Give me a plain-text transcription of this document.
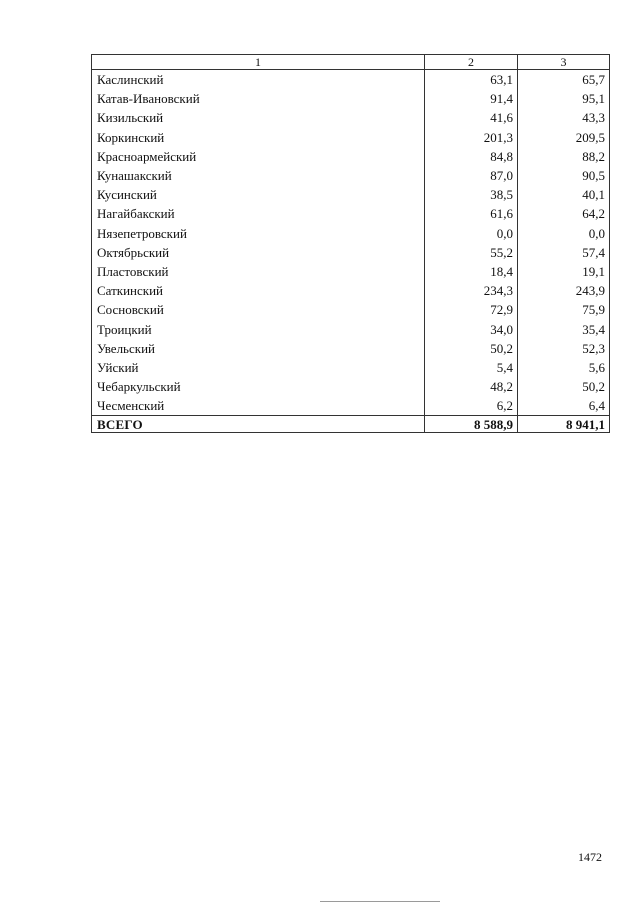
1	2	3
Каслинский	63,1	65,7
Катав-Ивановский	91,4	95,1
Кизильский	41,6	43,3
Коркинский	201,3	209,5
Красноармейский	84,8	88,2
Кунашакский	87,0	90,5
Кусинский	38,5	40,1
Нагайбакский	61,6	64,2
Нязепетровский	0,0	0,0
Октябрьский	55,2	57,4
Пластовский	18,4	19,1
Саткинский	234,3	243,9
Сосновский	72,9	75,9
Троицкий	34,0	35,4
Увельский	50,2	52,3
Уйский	5,4	5,6
Чебаркульский	48,2	50,2
Чесменский	6,2	6,4
ВСЕГО	8 588,9	8 941,1
1472
